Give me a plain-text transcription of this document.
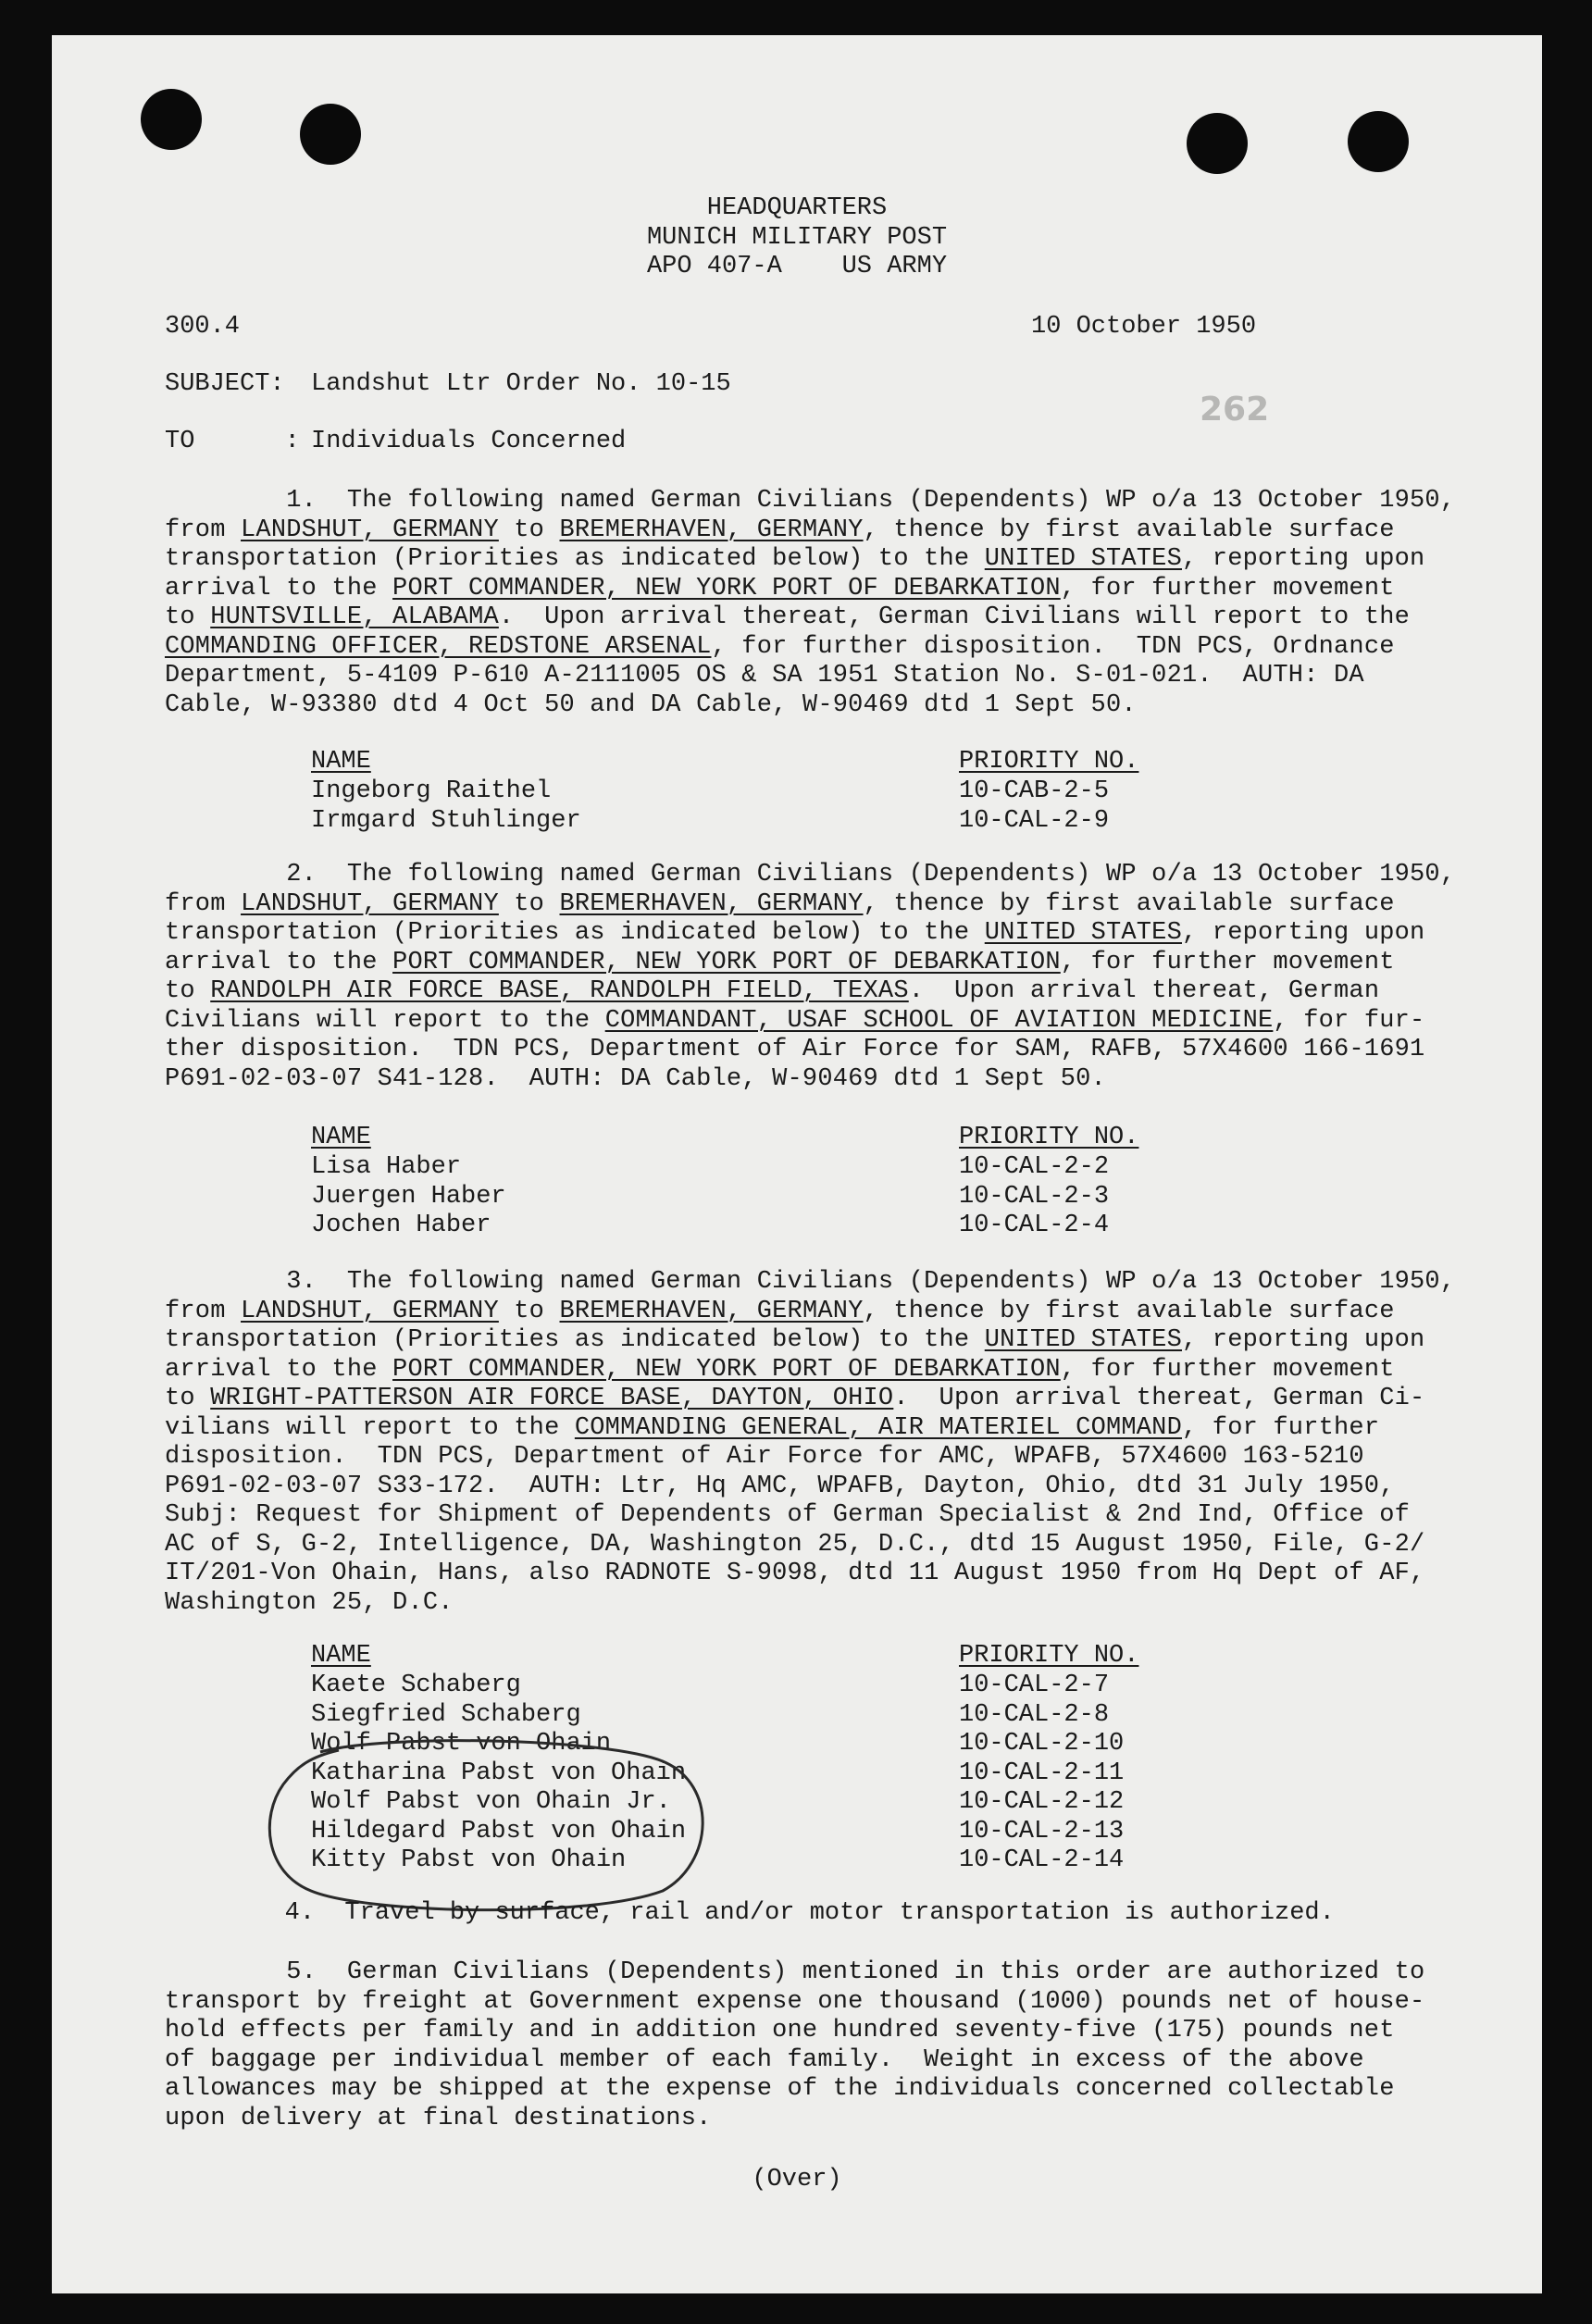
HEADQUARTERS
MUNICH MILITARY POST
APO 407-A    US ARMY
300.4	10 October 1950
SUBJECT: Landshut Ltr Order No. 10-15
262
TO      : Individuals Concerned
1.  The following named German Civilians (Dependents) WP o/a 13 October 1950,
from LANDSHUT, GERMANY to BREMERHAVEN, GERMANY, thence by first available surface
transportation (Priorities as indicated below) to the UNITED STATES, reporting upon
arrival to the PORT COMMANDER, NEW YORK PORT OF DEBARKATION, for further movement
to HUNTSVILLE, ALABAMA.  Upon arrival thereat, German Civilians will report to the
COMMANDING OFFICER, REDSTONE ARSENAL, for further disposition.  TDN PCS, Ordnance
Department, 5-4109 P-610 A-2111005 OS & SA 1951 Station No. S-01-021.  AUTH: DA
Cable, W-93380 dtd 4 Oct 50 and DA Cable, W-90469 dtd 1 Sept 50.
NAME	PRIORITY NO.
Ingeborg Raithel	10-CAB-2-5
Irmgard Stuhlinger	10-CAL-2-9
2.  The following named German Civilians (Dependents) WP o/a 13 October 1950,
from LANDSHUT, GERMANY to BREMERHAVEN, GERMANY, thence by first available surface
transportation (Priorities as indicated below) to the UNITED STATES, reporting upon
arrival to the PORT COMMANDER, NEW YORK PORT OF DEBARKATION, for further movement
to RANDOLPH AIR FORCE BASE, RANDOLPH FIELD, TEXAS.  Upon arrival thereat, German
Civilians will report to the COMMANDANT, USAF SCHOOL OF AVIATION MEDICINE, for fur-
ther disposition.  TDN PCS, Department of Air Force for SAM, RAFB, 57X4600 166-1691
P691-02-03-07 S41-128.  AUTH: DA Cable, W-90469 dtd 1 Sept 50.
NAME	PRIORITY NO.
Lisa Haber	10-CAL-2-2
Juergen Haber	10-CAL-2-3
Jochen Haber	10-CAL-2-4
3.  The following named German Civilians (Dependents) WP o/a 13 October 1950,
from LANDSHUT, GERMANY to BREMERHAVEN, GERMANY, thence by first available surface
transportation (Priorities as indicated below) to the UNITED STATES, reporting upon
arrival to the PORT COMMANDER, NEW YORK PORT OF DEBARKATION, for further movement
to WRIGHT-PATTERSON AIR FORCE BASE, DAYTON, OHIO.  Upon arrival thereat, German Ci-
vilians will report to the COMMANDING GENERAL, AIR MATERIEL COMMAND, for further
disposition.  TDN PCS, Department of Air Force for AMC, WPAFB, 57X4600 163-5210
P691-02-03-07 S33-172.  AUTH: Ltr, Hq AMC, WPAFB, Dayton, Ohio, dtd 31 July 1950,
Subj: Request for Shipment of Dependents of German Specialist & 2nd Ind, Office of
AC of S, G-2, Intelligence, DA, Washington 25, D.C., dtd 15 August 1950, File, G-2/
IT/201-Von Ohain, Hans, also RADNOTE S-9098, dtd 11 August 1950 from Hq Dept of AF,
Washington 25, D.C.
NAME	PRIORITY NO.
Kaete Schaberg	10-CAL-2-7
Siegfried Schaberg	10-CAL-2-8
Wolf Pabst von Ohain	10-CAL-2-10
Katharina Pabst von Ohain	10-CAL-2-11
Wolf Pabst von Ohain Jr.	10-CAL-2-12
Hildegard Pabst von Ohain	10-CAL-2-13
Kitty Pabst von Ohain	10-CAL-2-14
4.  Travel by surface, rail and/or motor transportation is authorized.
5.  German Civilians (Dependents) mentioned in this order are authorized to
transport by freight at Government expense one thousand (1000) pounds net of house-
hold effects per family and in addition one hundred seventy-five (175) pounds net
of baggage per individual member of each family.  Weight in excess of the above
allowances may be shipped at the expense of the individuals concerned collectable
upon delivery at final destinations.
(Over)
